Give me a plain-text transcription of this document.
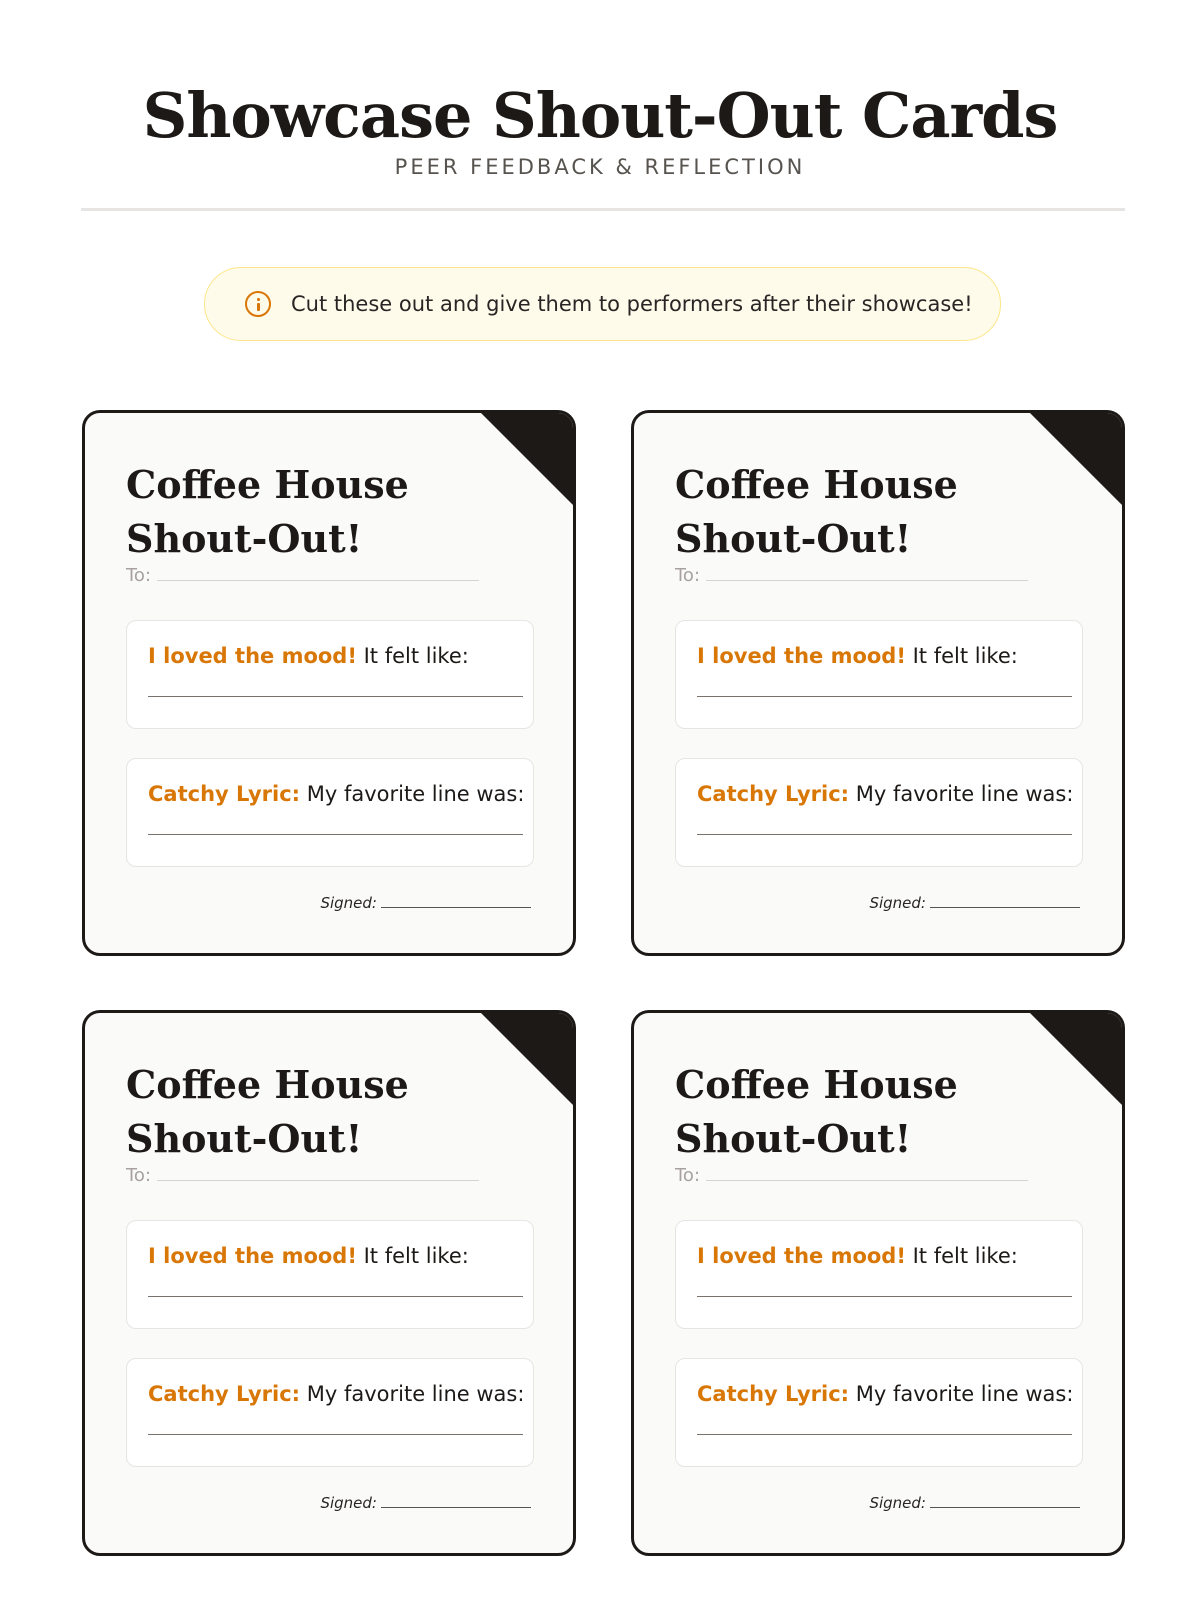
Showcase Shout-Out Cards
PEER FEEDBACK & REFLECTION
Cut these out and give them to performers after their showcase!
Coffee House Shout-Out!
To:
I loved the mood! It felt like:
Catchy Lyric: My favorite line was:
Signed:
Coffee House Shout-Out!
To:
I loved the mood! It felt like:
Catchy Lyric: My favorite line was:
Signed:
Coffee House Shout-Out!
To:
I loved the mood! It felt like:
Catchy Lyric: My favorite line was:
Signed:
Coffee House Shout-Out!
To:
I loved the mood! It felt like:
Catchy Lyric: My favorite line was:
Signed:
